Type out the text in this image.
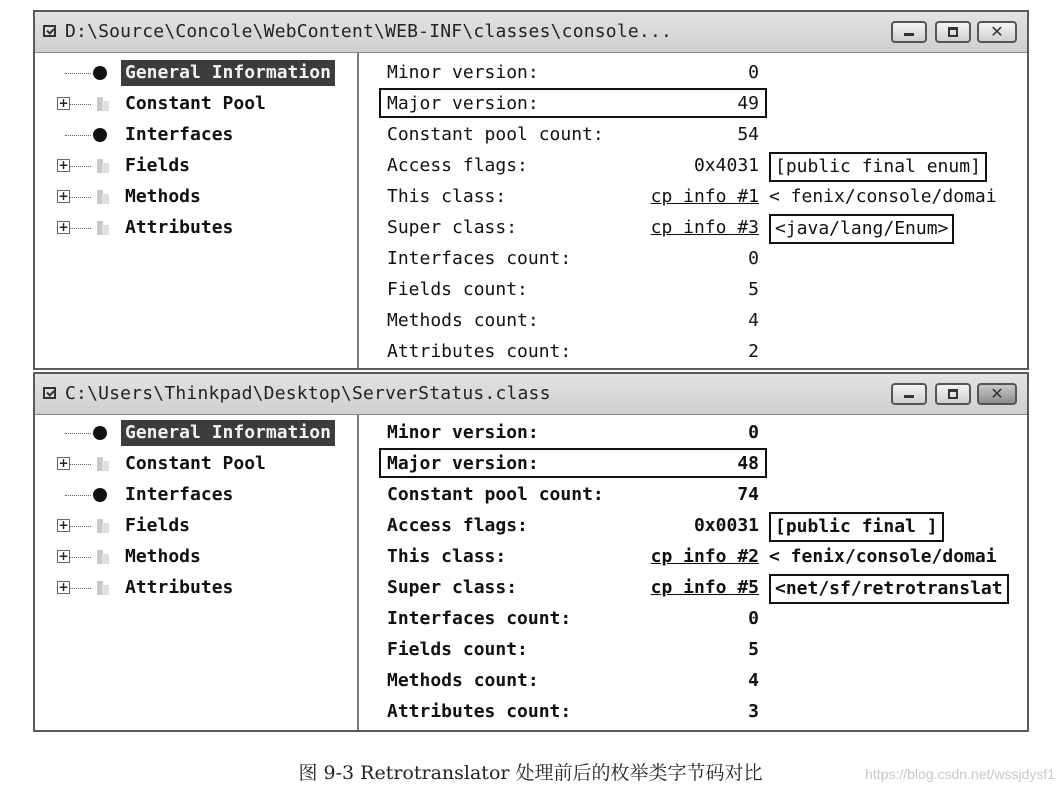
D:\Source\Concole\WebContent\WEB-INF\classes\console...
✕
General Information
+	Constant Pool
Interfaces
+	Fields
+	Methods
+	Attributes
Minor version:	0
Major version:	49
Constant pool count:	54
Access flags:	0x4031 [public final enum]
This class:	cp info #1 < fenix/console/domai
Super class:	cp info #3 <java/lang/Enum>
Interfaces count:	0
Fields count:	5
Methods count:	4
Attributes count:	2
C:\Users\Thinkpad\Desktop\ServerStatus.class
✕
General Information
+	Constant Pool
Interfaces
+	Fields
+	Methods
+	Attributes
Minor version:	0
Major version:	48
Constant pool count:	74
Access flags:	0x0031 [public final ]
This class:	cp info #2 < fenix/console/domai
Super class:	cp info #5 <net/sf/retrotranslat
Interfaces count:	0
Fields count:	5
Methods count:	4
Attributes count:	3
图 9-3 Retrotranslator 处理前后的枚举类字节码对比	https://blog.csdn.net/wssjdysf1
